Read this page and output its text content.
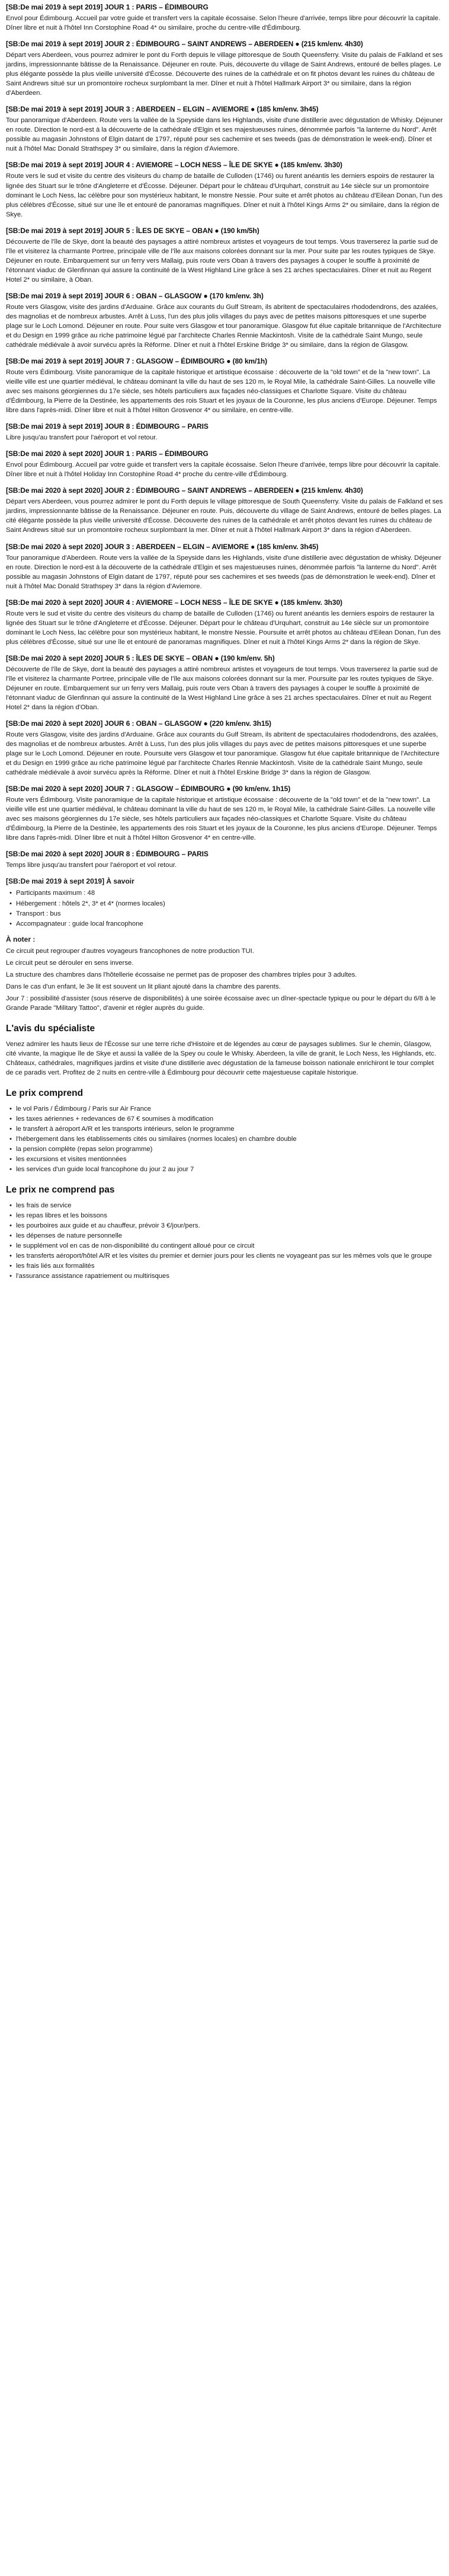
[SB:De mai 2019 à sept 2019] JOUR 1 : PARIS – ÉDIMBOURG
Envol pour Édimbourg. Accueil par votre guide et transfert vers la capitale écossaise. Selon l'heure d'arrivée, temps libre pour découvrir la capitale. Dîner libre et nuit à l'hôtel Inn Corstophine Road 4* ou similaire, proche du centre-ville d'Édimbourg.
[SB:De mai 2019 à sept 2019] JOUR 2 : ÉDIMBOURG – SAINT ANDREWS – ABERDEEN ● (215 km/env. 4h30)
Départ vers Aberdeen, vous pourrez admirer le pont du Forth depuis le village pittoresque de South Queensferry. Visite du palais de Falkland et ses jardins, impressionnante bâtisse de la Renaissance. Déjeuner en route. Puis, découverte du village de Saint Andrews, entouré de belles plages. Le plus élégante possède la plus vieille université d'Écosse. Découverte des ruines de la cathédrale et on fit photos devant les ruines du château de Saint Andrews situé sur un promontoire rocheux surplombant la mer. Dîner et nuit à l'hôtel Hallmark Airport 3* ou similaire, dans la région d'Aberdeen.
[SB:De mai 2019 à sept 2019] JOUR 3 : ABERDEEN – ELGIN – AVIEMORE ● (185 km/env. 3h45)
Tour panoramique d'Aberdeen. Route vers la vallée de la Speyside dans les Highlands, visite d'une distillerie avec dégustation de Whisky. Déjeuner en route. Direction le nord-est à la découverte de la cathédrale d'Elgin et ses majestueuses ruines, dénommée parfois "la lanterne du Nord". Arrêt possible au magasin Johnstons of Elgin datant de 1797, réputé pour ses cachemire et ses tweeds (pas de démonstration le week-end). Dîner et nuit à l'hôtel Mac Donald Strathspey 3* ou similaire, dans la région d'Aviemore.
[SB:De mai 2019 à sept 2019] JOUR 4 : AVIEMORE – LOCH NESS – ÎLE DE SKYE ● (185 km/env. 3h30)
Route vers le sud et visite du centre des visiteurs du champ de bataille de Culloden (1746) ou furent anéantis les derniers espoirs de restaurer la lignée des Stuart sur le trône d'Angleterre et d'Écosse. Déjeuner. Départ pour le château d'Urquhart, construit au 14e siècle sur un promontoire dominant le Loch Ness, lac célèbre pour son mystérieux habitant, le monstre Nessie. Pour suite et arrêt photos au château d'Eilean Donan, l'un des plus célèbres d'Écosse, situé sur une île et entouré de panoramas magnifiques. Dîner et nuit à l'hôtel Kings Arms 2* ou similaire, dans la région de Skye.
[SB:De mai 2019 à sept 2019] JOUR 5 : ÎLES DE SKYE – OBAN ● (190 km/5h)
Découverte de l'île de Skye, dont la beauté des paysages a attiré nombreux artistes et voyageurs de tout temps. Vous traverserez la partie sud de l'île et visiterez la charmante Portree, principale ville de l'île aux maisons colorées donnant sur la mer. Pour suite par les routes typiques de Skye. Déjeuner en route. Embarquement sur un ferry vers Mallaig, puis route vers Oban à travers des paysages à couper le souffle à proximité de l'étonnant viaduc de Glenfinnan qui assure la continuité de la West Highland Line grâce à ses 21 arches spectaculaires. Dîner et nuit au Regent Hotel 2* ou similaire, à Oban.
[SB:De mai 2019 à sept 2019] JOUR 6 : OBAN – GLASGOW ● (170 km/env. 3h)
Route vers Glasgow, visite des jardins d'Arduaine. Grâce aux courants du Gulf Stream, ils abritent de spectaculaires rhododendrons, des azalées, des magnolias et de nombreux arbustes. Arrêt à Luss, l'un des plus jolis villages du pays avec de petites maisons pittoresques et une superbe plage sur le Loch Lomond. Déjeuner en route. Pour suite vers Glasgow et tour panoramique. Glasgow fut élue capitale britannique de l'Architecture et du Design en 1999 grâce au riche patrimoine légué par l'architecte Charles Rennie Mackintosh. Visite de la cathédrale Saint Mungo, seule cathédrale médiévale à avoir survécu après la Réforme. Dîner et nuit à l'hôtel Erskine Bridge 3* ou similaire, dans la région de Glasgow.
[SB:De mai 2019 à sept 2019] JOUR 7 : GLASGOW – ÉDIMBOURG ● (80 km/1h)
Route vers Édimbourg. Visite panoramique de la capitale historique et artistique écossaise : découverte de la "old town" et de la "new town". La vieille ville est une quartier médiéval, le château dominant la ville du haut de ses 120 m, le Royal Mile, la cathédrale Saint-Gilles. La nouvelle ville avec ses maisons géorgiennes du 17e siècle, ses hôtels particuliers aux façades néo-classiques et Charlotte Square. Visite du château d'Édimbourg, la Pierre de la Destinée, les appartements des rois Stuart et les joyaux de la Couronne, les plus anciens d'Europe. Déjeuner. Temps libre dans l'après-midi. Dîner libre et nuit à l'hôtel Hilton Grosvenor 4* ou similaire, en centre-ville.
[SB:De mai 2019 à sept 2019] JOUR 8 : ÉDIMBOURG – PARIS
Libre jusqu'au transfert pour l'aéroport et vol retour.
[SB:De mai 2020 à sept 2020] JOUR 1 : PARIS – ÉDIMBOURG
Envol pour Édimbourg. Accueil par votre guide et transfert vers la capitale écossaise. Selon l'heure d'arrivée, temps libre pour découvrir la capitale. Dîner libre et nuit à l'hôtel Holiday Inn Corstophine Road 4* proche du centre-ville d'Édimbourg.
[SB:De mai 2020 à sept 2020] JOUR 2 : ÉDIMBOURG – SAINT ANDREWS – ABERDEEN ● (215 km/env. 4h30)
Départ vers Aberdeen, vous pourrez admirer le pont du Forth depuis le village pittoresque de South Queensferry. Visite du palais de Falkland et ses jardins, impressionnante bâtisse de la Renaissance. Déjeuner en route. Puis, découverte du village de Saint Andrews, entouré de belles plages. La cité élégante possède la plus vieille université d'Écosse. Découverte des ruines de la cathédrale et arrêt photos devant les ruines du château de Saint Andrews situé sur un promontoire rocheux surplombant la mer. Dîner et nuit à l'hôtel Hallmark Airport 3* dans la région d'Aberdeen.
[SB:De mai 2020 à sept 2020] JOUR 3 : ABERDEEN – ELGIN – AVIEMORE ● (185 km/env. 3h45)
Tour panoramique d'Aberdeen. Route vers la vallée de la Speyside dans les Highlands, visite d'une distillerie avec dégustation de whisky. Déjeuner en route. Direction le nord-est à la découverte de la cathédrale d'Elgin et ses majestueuses ruines, dénommée parfois "la lanterne du Nord". Arrêt possible au magasin Johnstons of Elgin datant de 1797, réputé pour ses cachemires et ses tweeds (pas de démonstration le week-end). Dîner et nuit à l'hôtel Mac Donald Strathspey 3* dans la région d'Aviemore.
[SB:De mai 2020 à sept 2020] JOUR 4 : AVIEMORE – LOCH NESS – ÎLE DE SKYE ● (185 km/env. 3h30)
Route vers le sud et visite du centre des visiteurs du champ de bataille de Culloden (1746) ou furent anéantis les derniers espoirs de restaurer la lignée des Stuart sur le trône d'Angleterre et d'Écosse. Déjeuner. Départ pour le château d'Urquhart, construit au 14e siècle sur un promontoire dominant le Loch Ness, lac célèbre pour son mystérieux habitant, le monstre Nessie. Poursuite et arrêt photos au château d'Eilean Donan, l'un des plus célèbres d'Écosse, situé sur une île et entouré de panoramas magnifiques. Dîner et nuit à l'hôtel Kings Arms 2* dans la région de Skye.
[SB:De mai 2020 à sept 2020] JOUR 5 : ÎLES DE SKYE – OBAN ● (190 km/env. 5h)
Découverte de l'île de Skye, dont la beauté des paysages a attiré nombreux artistes et voyageurs de tout temps. Vous traverserez la partie sud de l'île et visiterez la charmante Portree, principale ville de l'île aux maisons colorées donnant sur la mer. Poursuite par les routes typiques de Skye. Déjeuner en route. Embarquement sur un ferry vers Mallaig, puis route vers Oban à travers des paysages à couper le souffle à proximité de l'étonnant viaduc de Glenfinnan qui assure la continuité de la West Highland Line grâce à ses 21 arches spectaculaires. Dîner et nuit au Regent Hotel 2* dans la région d'Oban.
[SB:De mai 2020 à sept 2020] JOUR 6 : OBAN – GLASGOW ● (220 km/env. 3h15)
Route vers Glasgow, visite des jardins d'Arduaine. Grâce aux courants du Gulf Stream, ils abritent de spectaculaires rhododendrons, des azalées, des magnolias et de nombreux arbustes. Arrêt à Luss, l'un des plus jolis villages du pays avec de petites maisons pittoresques et une superbe plage sur le Loch Lomond. Déjeuner en route. Poursuite vers Glasgow et tour panoramique. Glasgow fut élue capitale britannique de l'Architecture et du Design en 1999 grâce au riche patrimoine légué par l'architecte Charles Rennie Mackintosh. Visite de la cathédrale Saint Mungo, seule cathédrale médiévale à avoir survécu après la Réforme. Dîner et nuit à l'hôtel Erskine Bridge 3* dans la région de Glasgow.
[SB:De mai 2020 à sept 2020] JOUR 7 : GLASGOW – ÉDIMBOURG ● (90 km/env. 1h15)
Route vers Édimbourg. Visite panoramique de la capitale historique et artistique écossaise : découverte de la "old town" et de la "new town". La vieille ville est une quartier médiéval, le château dominant la ville du haut de ses 120 m, le Royal Mile, la cathédrale Saint-Gilles. La nouvelle ville avec ses maisons géorgiennes du 17e siècle, ses hôtels particuliers aux façades néo-classiques et Charlotte Square. Visite du château d'Édimbourg, la Pierre de la Destinée, les appartements des rois Stuart et les joyaux de la Couronne, les plus anciens d'Europe. Déjeuner. Temps libre dans l'après-midi. Dîner libre et nuit à l'hôtel Hilton Grosvenor 4* en centre-ville.
[SB:De mai 2020 à sept 2020] JOUR 8 : ÉDIMBOURG – PARIS
Temps libre jusqu'au transfert pour l'aéroport et vol retour.
[SB:De mai 2019 à sept 2019] À savoir
• Participants maximum : 48
• Hébergement : hôtels 2*, 3* et 4* (normes locales)
• Transport : bus
• Accompagnateur : guide local francophone
À noter :

Ce circuit peut regrouper d'autres voyageurs francophones de notre production TUI.

Le circuit peut se dérouler en sens inverse.

La structure des chambres dans l'hôtellerie écossaise ne permet pas de proposer des chambres triples pour 3 adultes.

Dans le cas d'un enfant, le 3e lit est souvent un lit pliant ajouté dans la chambre des parents.

Jour 7 : possibilité d'assister (sous réserve de disponibilités) à une soirée écossaise avec un dîner-spectacle typique ou pour le départ du 6/8 à le Grande Parade "Military Tattoo", d'avenir et régler auprès du guide.

L'avis du spécialiste

Venez admirer les hauts lieux de l'Écosse sur une terre riche d'Histoire et de légendes au cœur de paysages sublimes. Sur le chemin, Glasgow, cité vivante, la magique île de Skye et aussi la vallée de la Spey ou coule le Whisky. Aberdeen, la ville de granit, le Loch Ness, les Highlands, etc. Châteaux, cathédrales, magnifiques jardins et visite d'une distillerie avec dégustation de la fameuse boisson nationale enrichiront le tour complet de ce paradis vert. Profitez de 2 nuits en centre-ville à Édimbourg pour découvrir cette majestueuse capitale historique.

Le prix comprend
• le vol Paris / Édimbourg / Paris sur Air France
• les taxes aériennes + redevances de 67 € soumises à modification
• le transfert à aéroport A/R et les transports intérieurs, selon le programme
• l'hébergement dans les établissements cités ou similaires (normes locales) en chambre double
• la pension complète (repas selon programme)
• les excursions et visites mentionnées
• les services d'un guide local francophone du jour 2 au jour 7
Le prix ne comprend pas
• les frais de service
• les repas libres et les boissons
• les pourboires aux guide et au chauffeur, prévoir 3 €/jour/pers.
• les dépenses de nature personnelle
• le supplément vol en cas de non-disponibilité du contingent alloué pour ce circuit
• les transferts aéroport/hôtel A/R et les visites du premier et dernier jours pour les clients ne voyageant pas sur les mêmes vols que le groupe
• les frais liés aux formalités
• l'assurance assistance rapatriement ou multirisques
